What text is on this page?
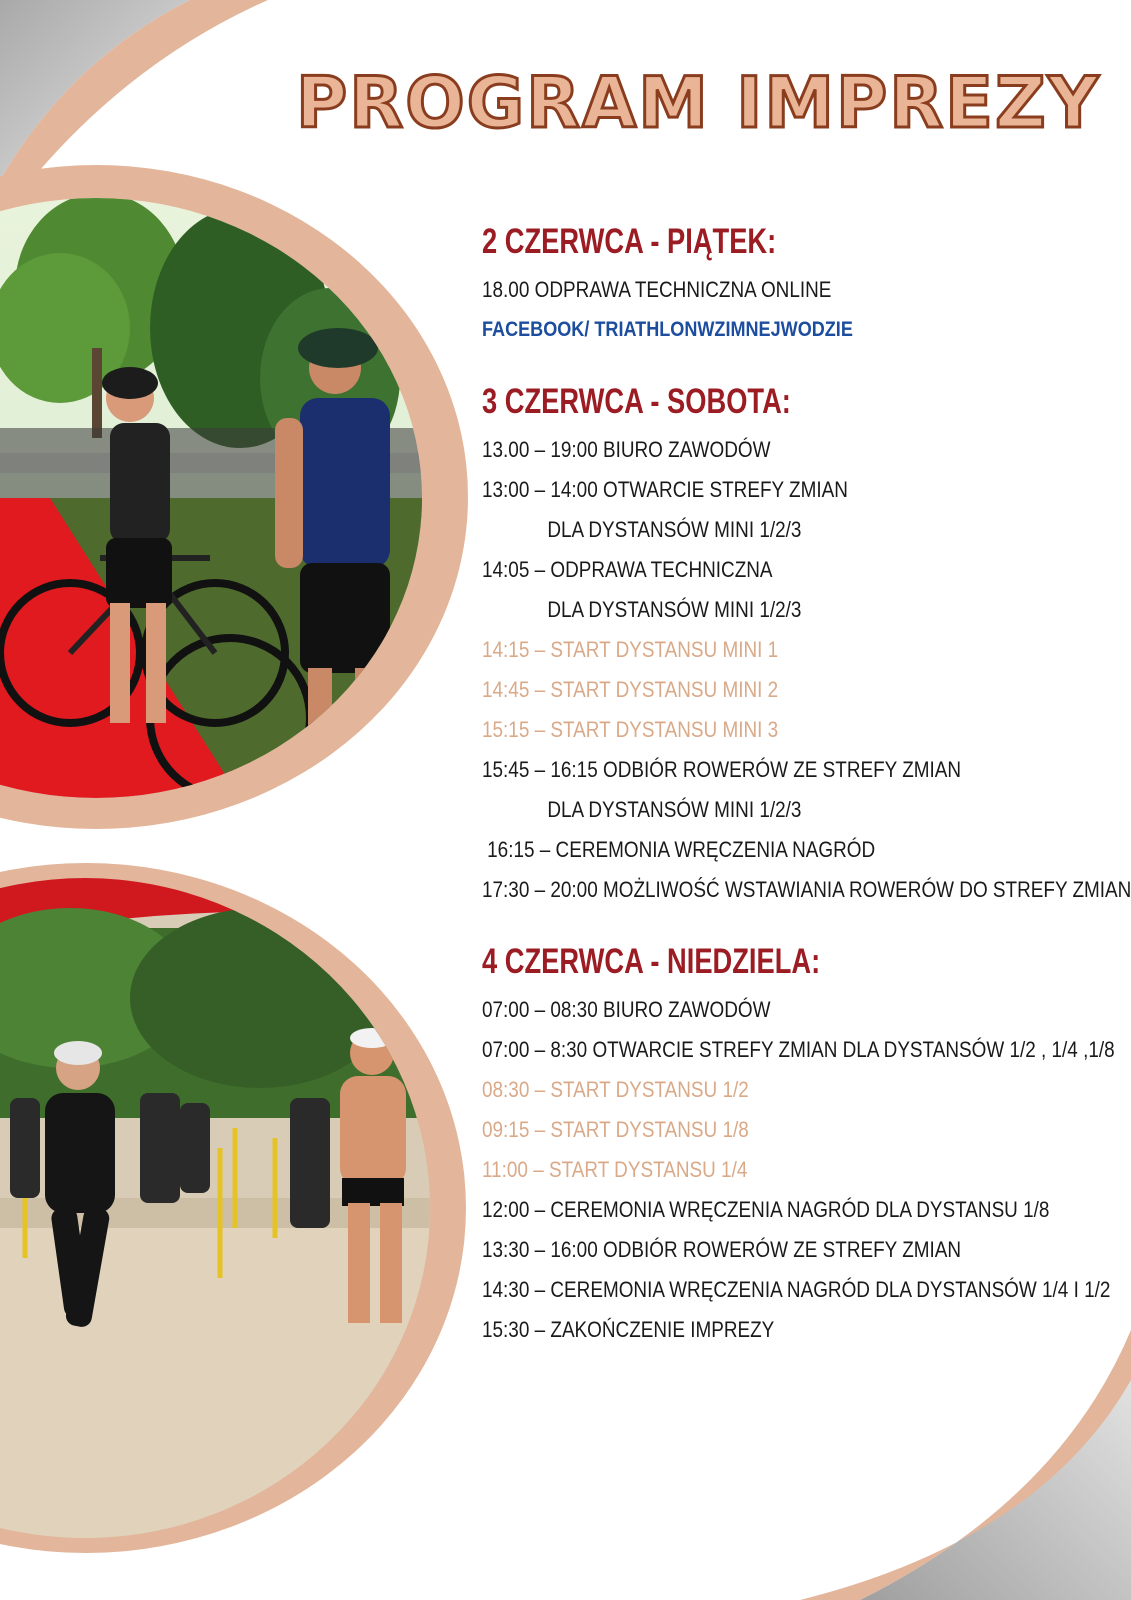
PROGRAM IMPREZY
2 CZERWCA - PIĄTEK:
18.00 ODPRAWA TECHNICZNA ONLINE
FACEBOOK/ TRIATHLONWZIMNEJWODZIE
3 CZERWCA - SOBOTA:
13.00 – 19:00 BIURO ZAWODÓW
13:00 – 14:00 OTWARCIE STREFY ZMIAN
DLA DYSTANSÓW MINI 1/2/3
14:05 – ODPRAWA TECHNICZNA
DLA DYSTANSÓW MINI 1/2/3
14:15 – START DYSTANSU MINI 1
14:45 – START DYSTANSU MINI 2
15:15 – START DYSTANSU MINI 3
15:45 – 16:15 ODBIÓR ROWERÓW ZE STREFY ZMIAN
DLA DYSTANSÓW MINI 1/2/3
16:15 – CEREMONIA WRĘCZENIA NAGRÓD
17:30 – 20:00 MOŻLIWOŚĆ WSTAWIANIA ROWERÓW DO STREFY ZMIAN
4 CZERWCA - NIEDZIELA:
07:00 – 08:30 BIURO ZAWODÓW
07:00 – 8:30 OTWARCIE STREFY ZMIAN DLA DYSTANSÓW 1/2 , 1/4 ,1/8
08:30 – START DYSTANSU 1/2
09:15 – START DYSTANSU 1/8
11:00 – START DYSTANSU 1/4
12:00 – CEREMONIA WRĘCZENIA NAGRÓD DLA DYSTANSU 1/8
13:30 – 16:00 ODBIÓR ROWERÓW ZE STREFY ZMIAN
14:30 – CEREMONIA WRĘCZENIA NAGRÓD DLA DYSTANSÓW 1/4 I 1/2
15:30 – ZAKOŃCZENIE IMPREZY
